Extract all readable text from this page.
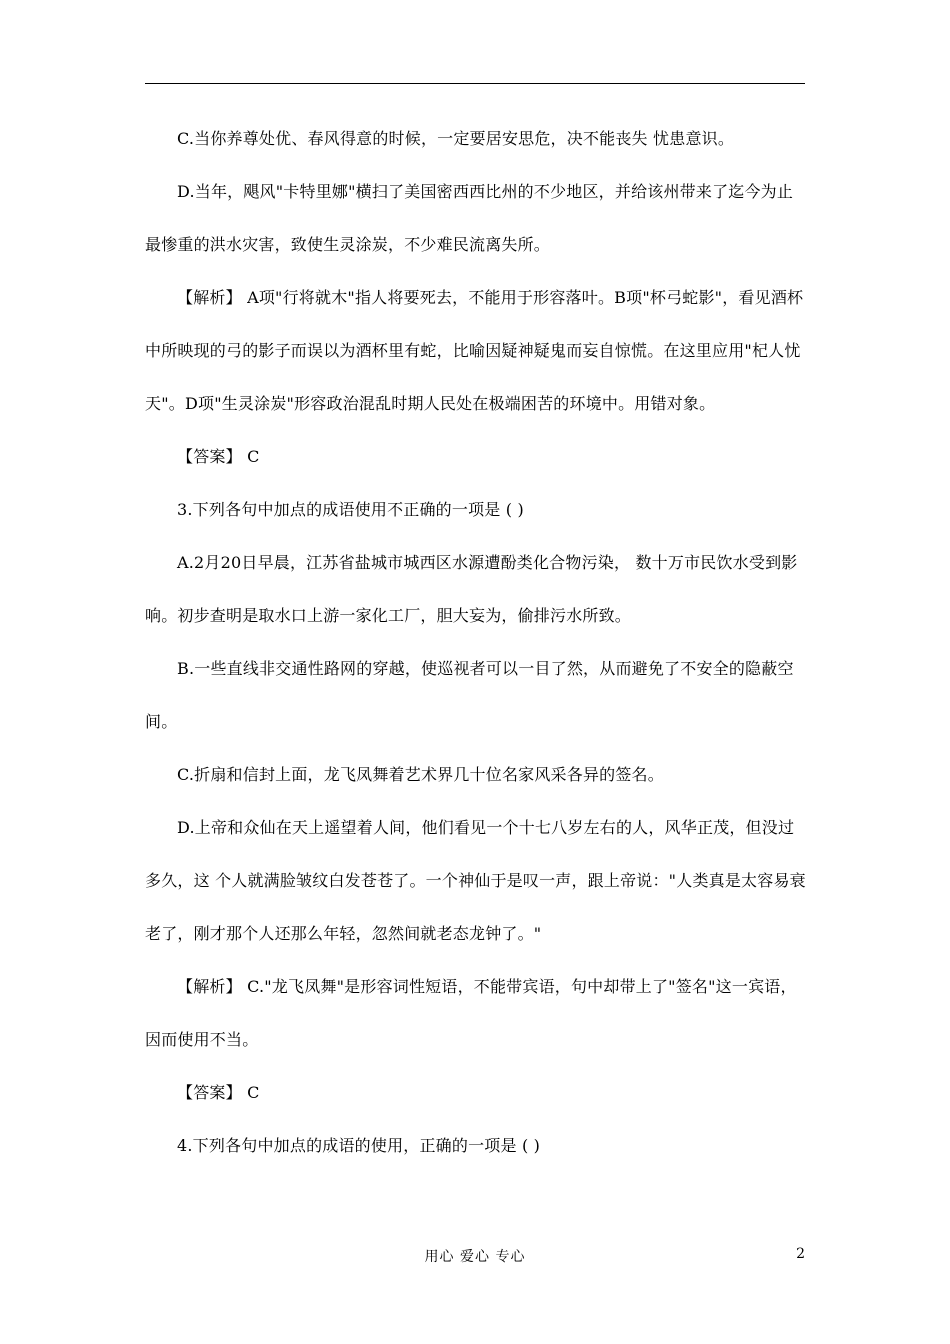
C.当你养尊处优、春风得意的时候，一定要居安思危，决不能丧失 忧患意识。

D.当年，飓风"卡特里娜"横扫了美国密西西比州的不少地区，并给该州带来了迄今为止最惨重的洪水灾害，致使生灵涂炭，不少难民流离失所。

【解析】 A项"行将就木"指人将要死去，不能用于形容落叶。B项"杯弓蛇影"，看见酒杯中所映现的弓的影子而误以为酒杯里有蛇，比喻因疑神疑鬼而妄自惊慌。在这里应用"杞人忧天"。D项"生灵涂炭"形容政治混乱时期人民处在极端困苦的环境中。用错对象。

【答案】 C

3.下列各句中加点的成语使用不正确的一项是 ( )

A.2月20日早晨，江苏省盐城市城西区水源遭酚类化合物污染， 数十万市民饮水受到影响。初步查明是取水口上游一家化工厂，胆大妄为，偷排污水所致。

B.一些直线非交通性路网的穿越，使巡视者可以一目了然，从而避免了不安全的隐蔽空间。

C.折扇和信封上面，龙飞凤舞着艺术界几十位名家风采各异的签名。

D.上帝和众仙在天上遥望着人间，他们看见一个十七八岁左右的人，风华正茂，但没过多久，这 个人就满脸皱纹白发苍苍了。一个神仙于是叹一声，跟上帝说："人类真是太容易衰老了，刚才那个人还那么年轻，忽然间就老态龙钟了。"

【解析】 C."龙飞凤舞"是形容词性短语，不能带宾语，句中却带上了"签名"这一宾语，因而使用不当。

【答案】 C

4.下列各句中加点的成语的使用，正确的一项是 ( )

用心 爱心 专心	2
